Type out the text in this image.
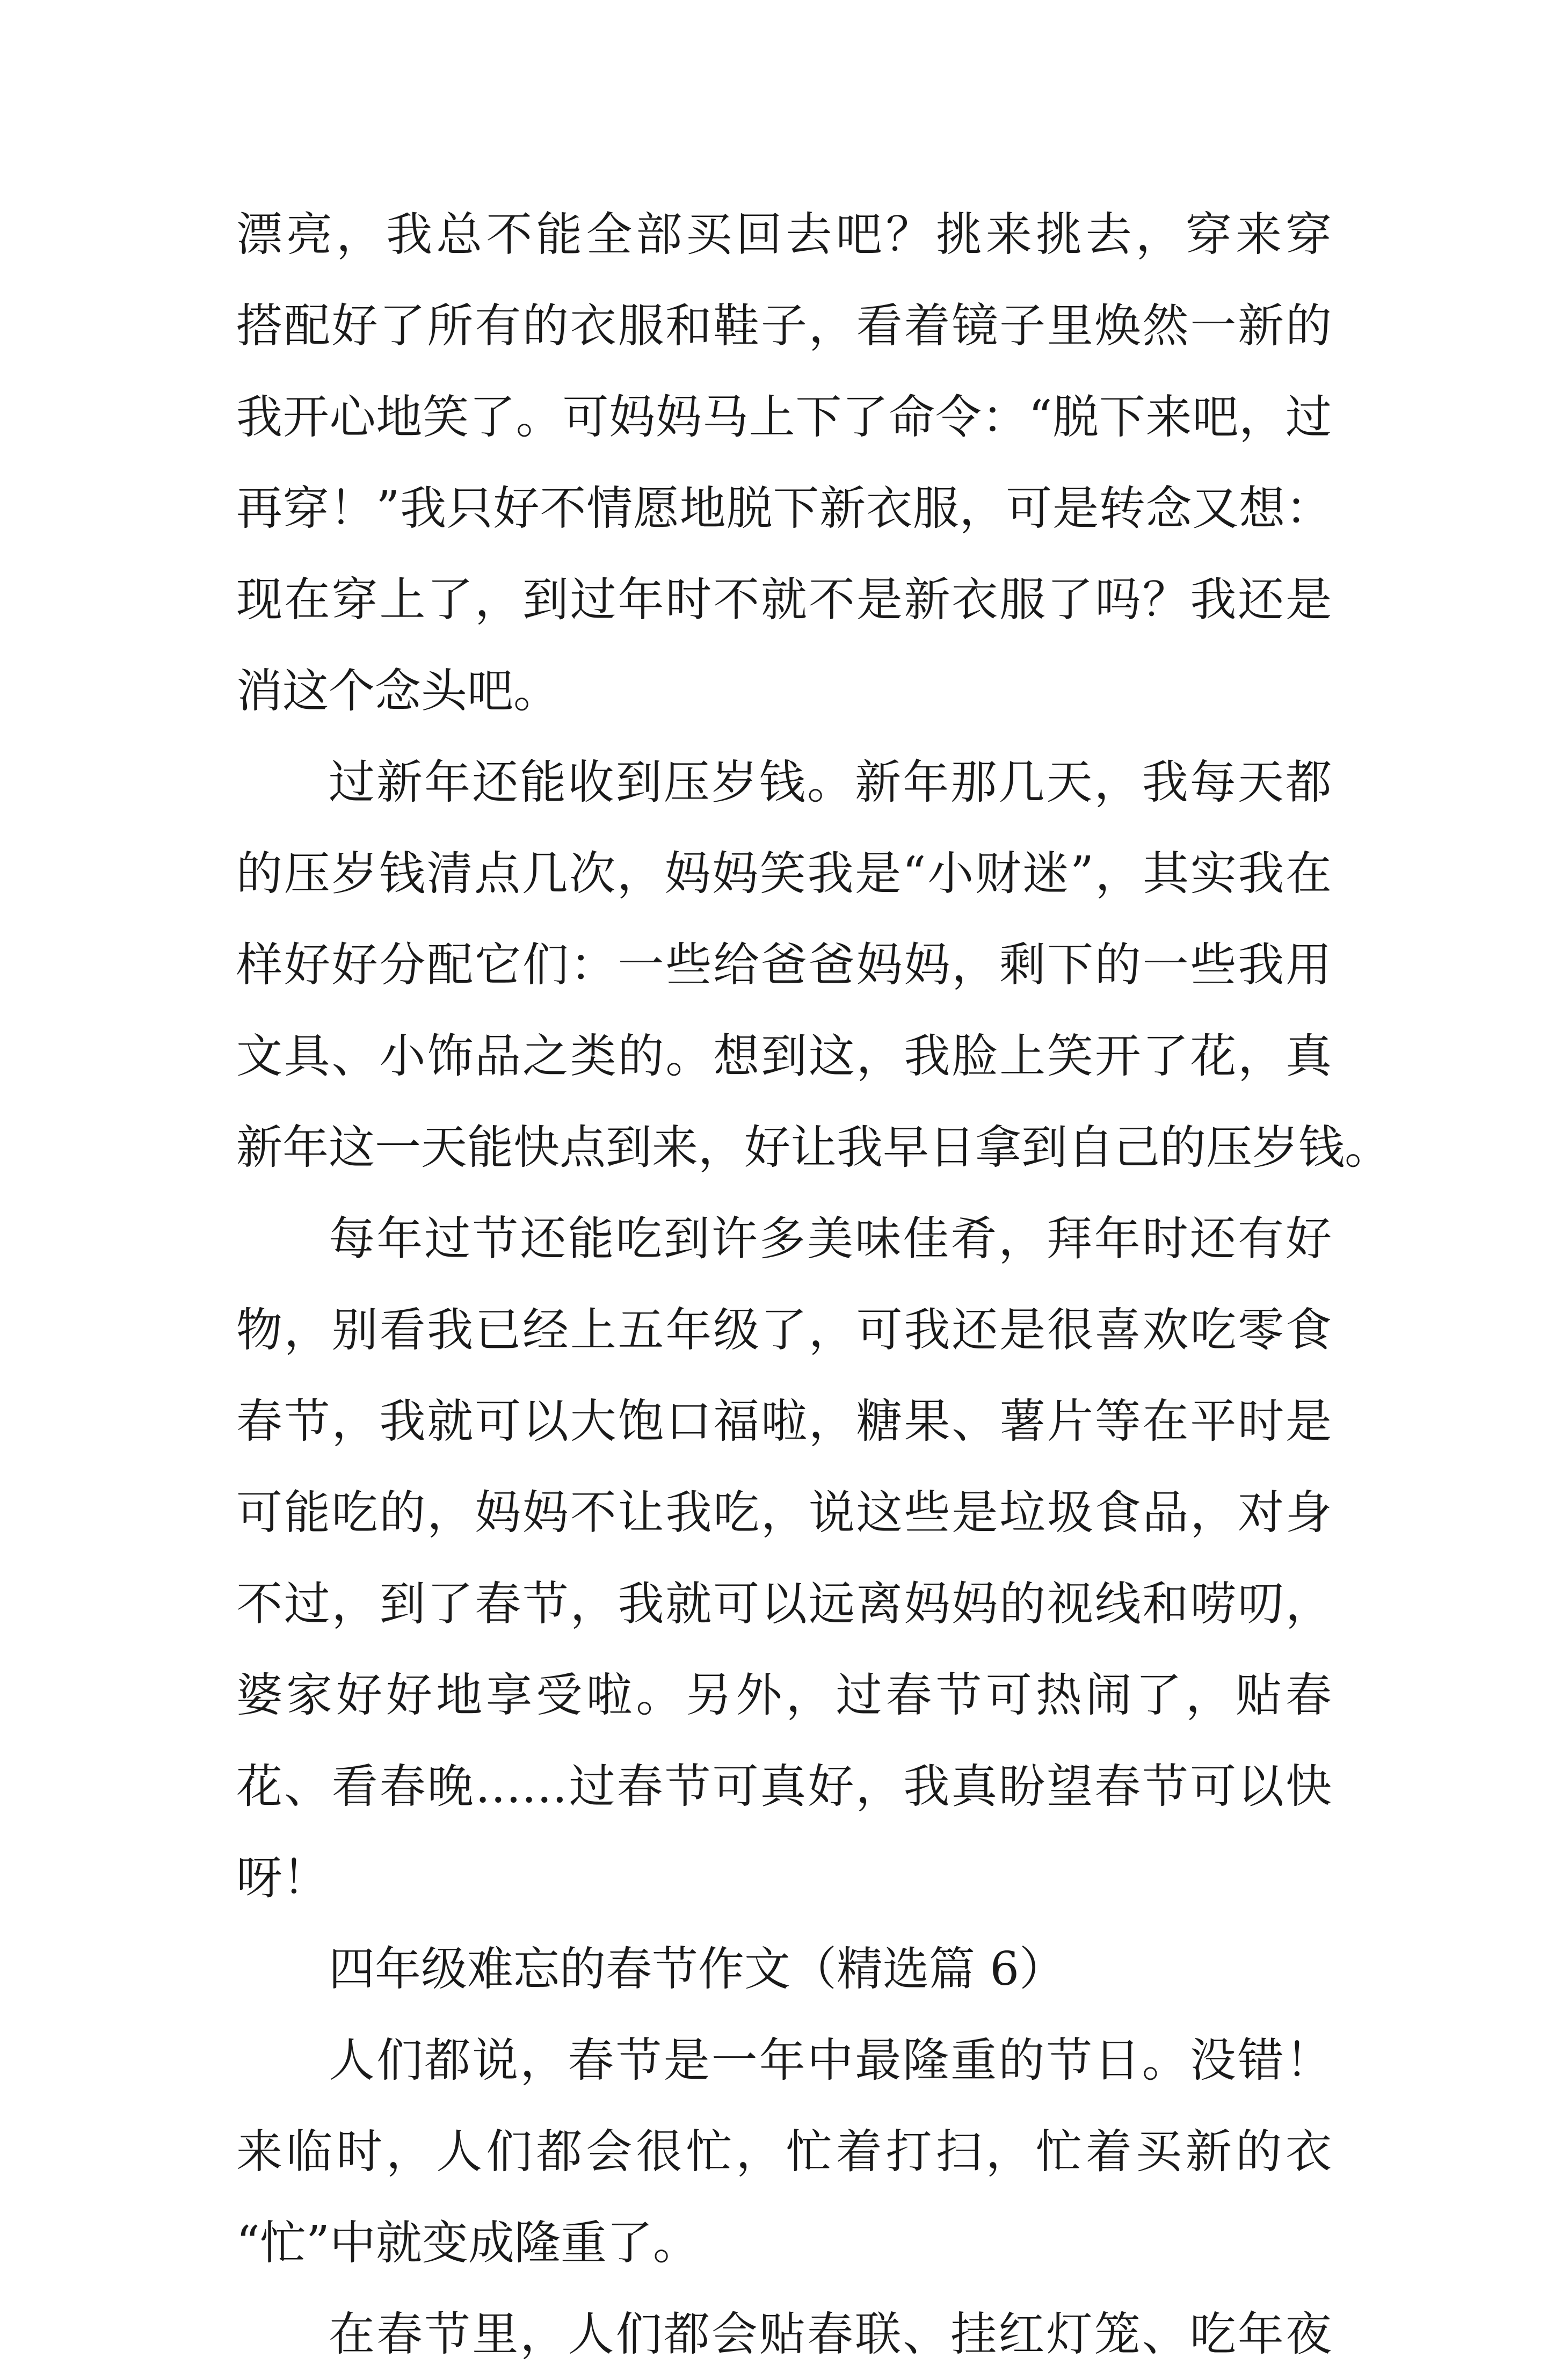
漂亮，我总不能全部买回去吧？挑来挑去，穿来穿
搭配好了所有的衣服和鞋子，看着镜子里焕然一新的
我开心地笑了。可妈妈马上下了命令：“脱下来吧，过
再穿！”我只好不情愿地脱下新衣服，可是转念又想：
现在穿上了，到过年时不就不是新衣服了吗？我还是
消这个念头吧。
过新年还能收到压岁钱。新年那几天，我每天都
的压岁钱清点几次，妈妈笑我是“小财迷”，其实我在
样好好分配它们：一些给爸爸妈妈，剩下的一些我用
文具、小饰品之类的。想到这，我脸上笑开了花，真
新年这一天能快点到来，好让我早日拿到自己的压岁钱。
每年过节还能吃到许多美味佳肴，拜年时还有好
物，别看我已经上五年级了，可我还是很喜欢吃零食
春节，我就可以大饱口福啦，糖果、薯片等在平时是
可能吃的，妈妈不让我吃，说这些是垃圾食品，对身
不过，到了春节，我就可以远离妈妈的视线和唠叨，
婆家好好地享受啦。另外，过春节可热闹了，贴春
花、看春晚……过春节可真好，我真盼望春节可以快
呀！
四年级难忘的春节作文（精选篇 6）
人们都说，春节是一年中最隆重的节日。没错！
来临时，人们都会很忙，忙着打扫，忙着买新的衣
“忙”中就变成隆重了。
在春节里，人们都会贴春联、挂红灯笼、吃年夜
